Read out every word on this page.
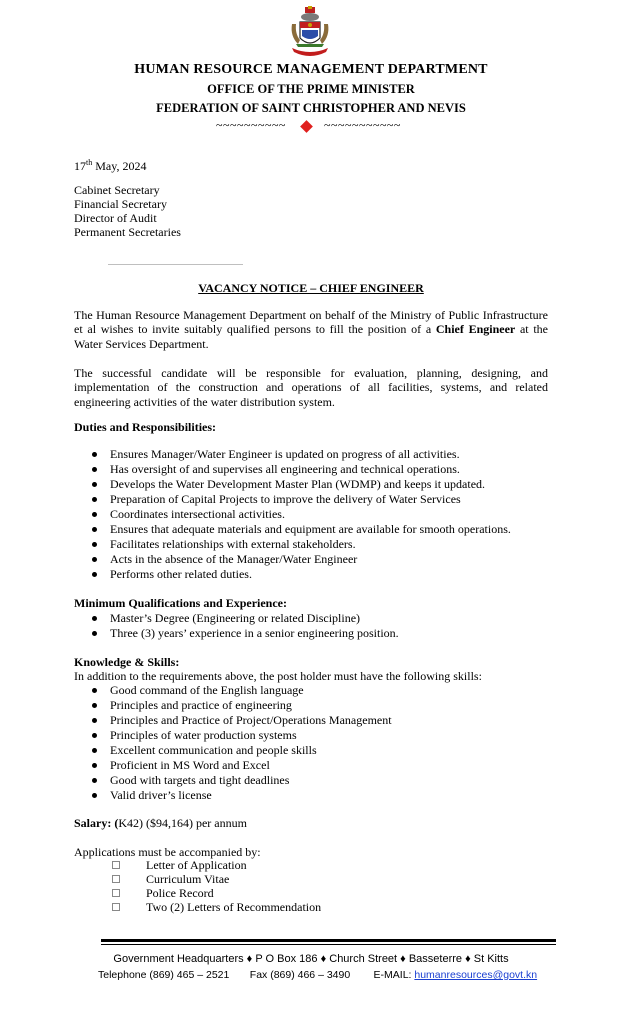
HUMAN RESOURCE MANAGEMENT DEPARTMENT
OFFICE OF THE PRIME MINISTER
FEDERATION OF SAINT CHRISTOPHER AND NEVIS
~~~~~~~~~~	~~~~~~~~~~~
17th May, 2024
Cabinet Secretary
Financial Secretary
Director of Audit
Permanent Secretaries
VACANCY NOTICE – CHIEF ENGINEER
The Human Resource Management Department on behalf of the Ministry of Public Infrastructure et al wishes to invite suitably qualified persons to fill the position of a Chief Engineer at the Water Services Department.
The successful candidate will be responsible for evaluation, planning, designing, and implementation of the construction and operations of all facilities, systems, and related engineering activities of the water distribution system.
Duties and Responsibilities:
Ensures Manager/Water Engineer is updated on progress of all activities.
Has oversight of and supervises all engineering and technical operations.
Develops the Water Development Master Plan (WDMP) and keeps it updated.
Preparation of Capital Projects to improve the delivery of Water Services
Coordinates intersectional activities.
Ensures that adequate materials and equipment are available for smooth operations.
Facilitates relationships with external stakeholders.
Acts in the absence of the Manager/Water Engineer
Performs other related duties.
Minimum Qualifications and Experience:
Master’s Degree (Engineering or related Discipline)
Three (3) years’ experience in a senior engineering position.
Knowledge & Skills:
In addition to the requirements above, the post holder must have the following skills:
Good command of the English language
Principles and practice of engineering
Principles and Practice of Project/Operations Management
Principles of water production systems
Excellent communication and people skills
Proficient in MS Word and Excel
Good with targets and tight deadlines
Valid driver’s license
Salary: (K42) ($94,164) per annum
Applications must be accompanied by:
Letter of Application
Curriculum Vitae
Police Record
Two (2) Letters of Recommendation
Government Headquarters ♦ P O Box 186 ♦ Church Street ♦ Basseterre ♦ St Kitts
Telephone (869) 465 – 2521 Fax (869) 466 – 3490 E-MAIL: humanresources@govt.kn
